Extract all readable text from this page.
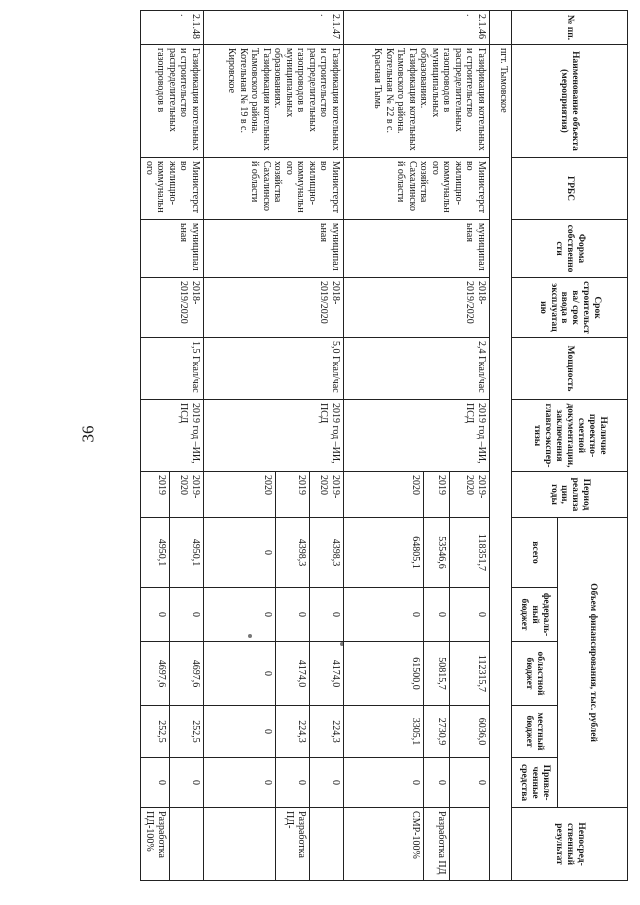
36
№ пп.	Наименование объекта (мероприятия)	ГРБС	Форма собственности	Срок строительства/ срок ввода в эксплуатацию	Мощность	Наличие проектно-сметной документации, заключения главгосэкспер-тизы	Период реализации, годы	Объем финансирования, тыс. рублей					Непосред-ственный результат
								всего	федераль-ный бюджет	областной бюджет	местный бюджет	Привле-ченные средства	
	пгт. Тымовское												
2.1.46.	Газификация котельных и строительство распределительных газопроводов в муниципальных образованиях. Газификация котельных Тымовского района. Котельная № 22 в с. Красная Тымь	Министерство жилищно-коммунального хозяйства Сахалинской области	муниципальная	2018-2019/2020	2,4 Гкал/час	2019 год –ИИ, ПСД	2019-2020	118351,7	0	112315,7	6036,0	0	
							2019	53546,6	0	50815,7	2730,9	0	Разработка ПД
							2020	64805,1	0	61500,0	3305,1	0	СМР-100%
2.1.47.	Газификация котельных и строительство распределительных газопроводов в муниципальных образованиях. Газификация котельных Тымовского района. Котельная № 19 в с. Кировское	Министерство жилищно-коммунального хозяйства Сахалинской области	муниципальная	2018-2019/2020	5,0 Гкал/час	2019 год –ИИ, ПСД	2019-2020	4398,3	0	4174,0	224,3	0	
							2019	4398,3	0	4174,0	224,3	0	Разработка ПД-
							2020	0	0	0	0	0	
2.1.48.	Газификация котельных и строительство распределительных газопроводов в	Министерство жилищно-коммунального	муниципальная	2018-2019/2020	1,5 Гкал/час	2019 год –ИИ, ПСД	2019-2020	4950,1	0	4697,6	252,5	0	
							2019	4950,1	0	4697,6	252,5	0	Разработка ПД-100%
